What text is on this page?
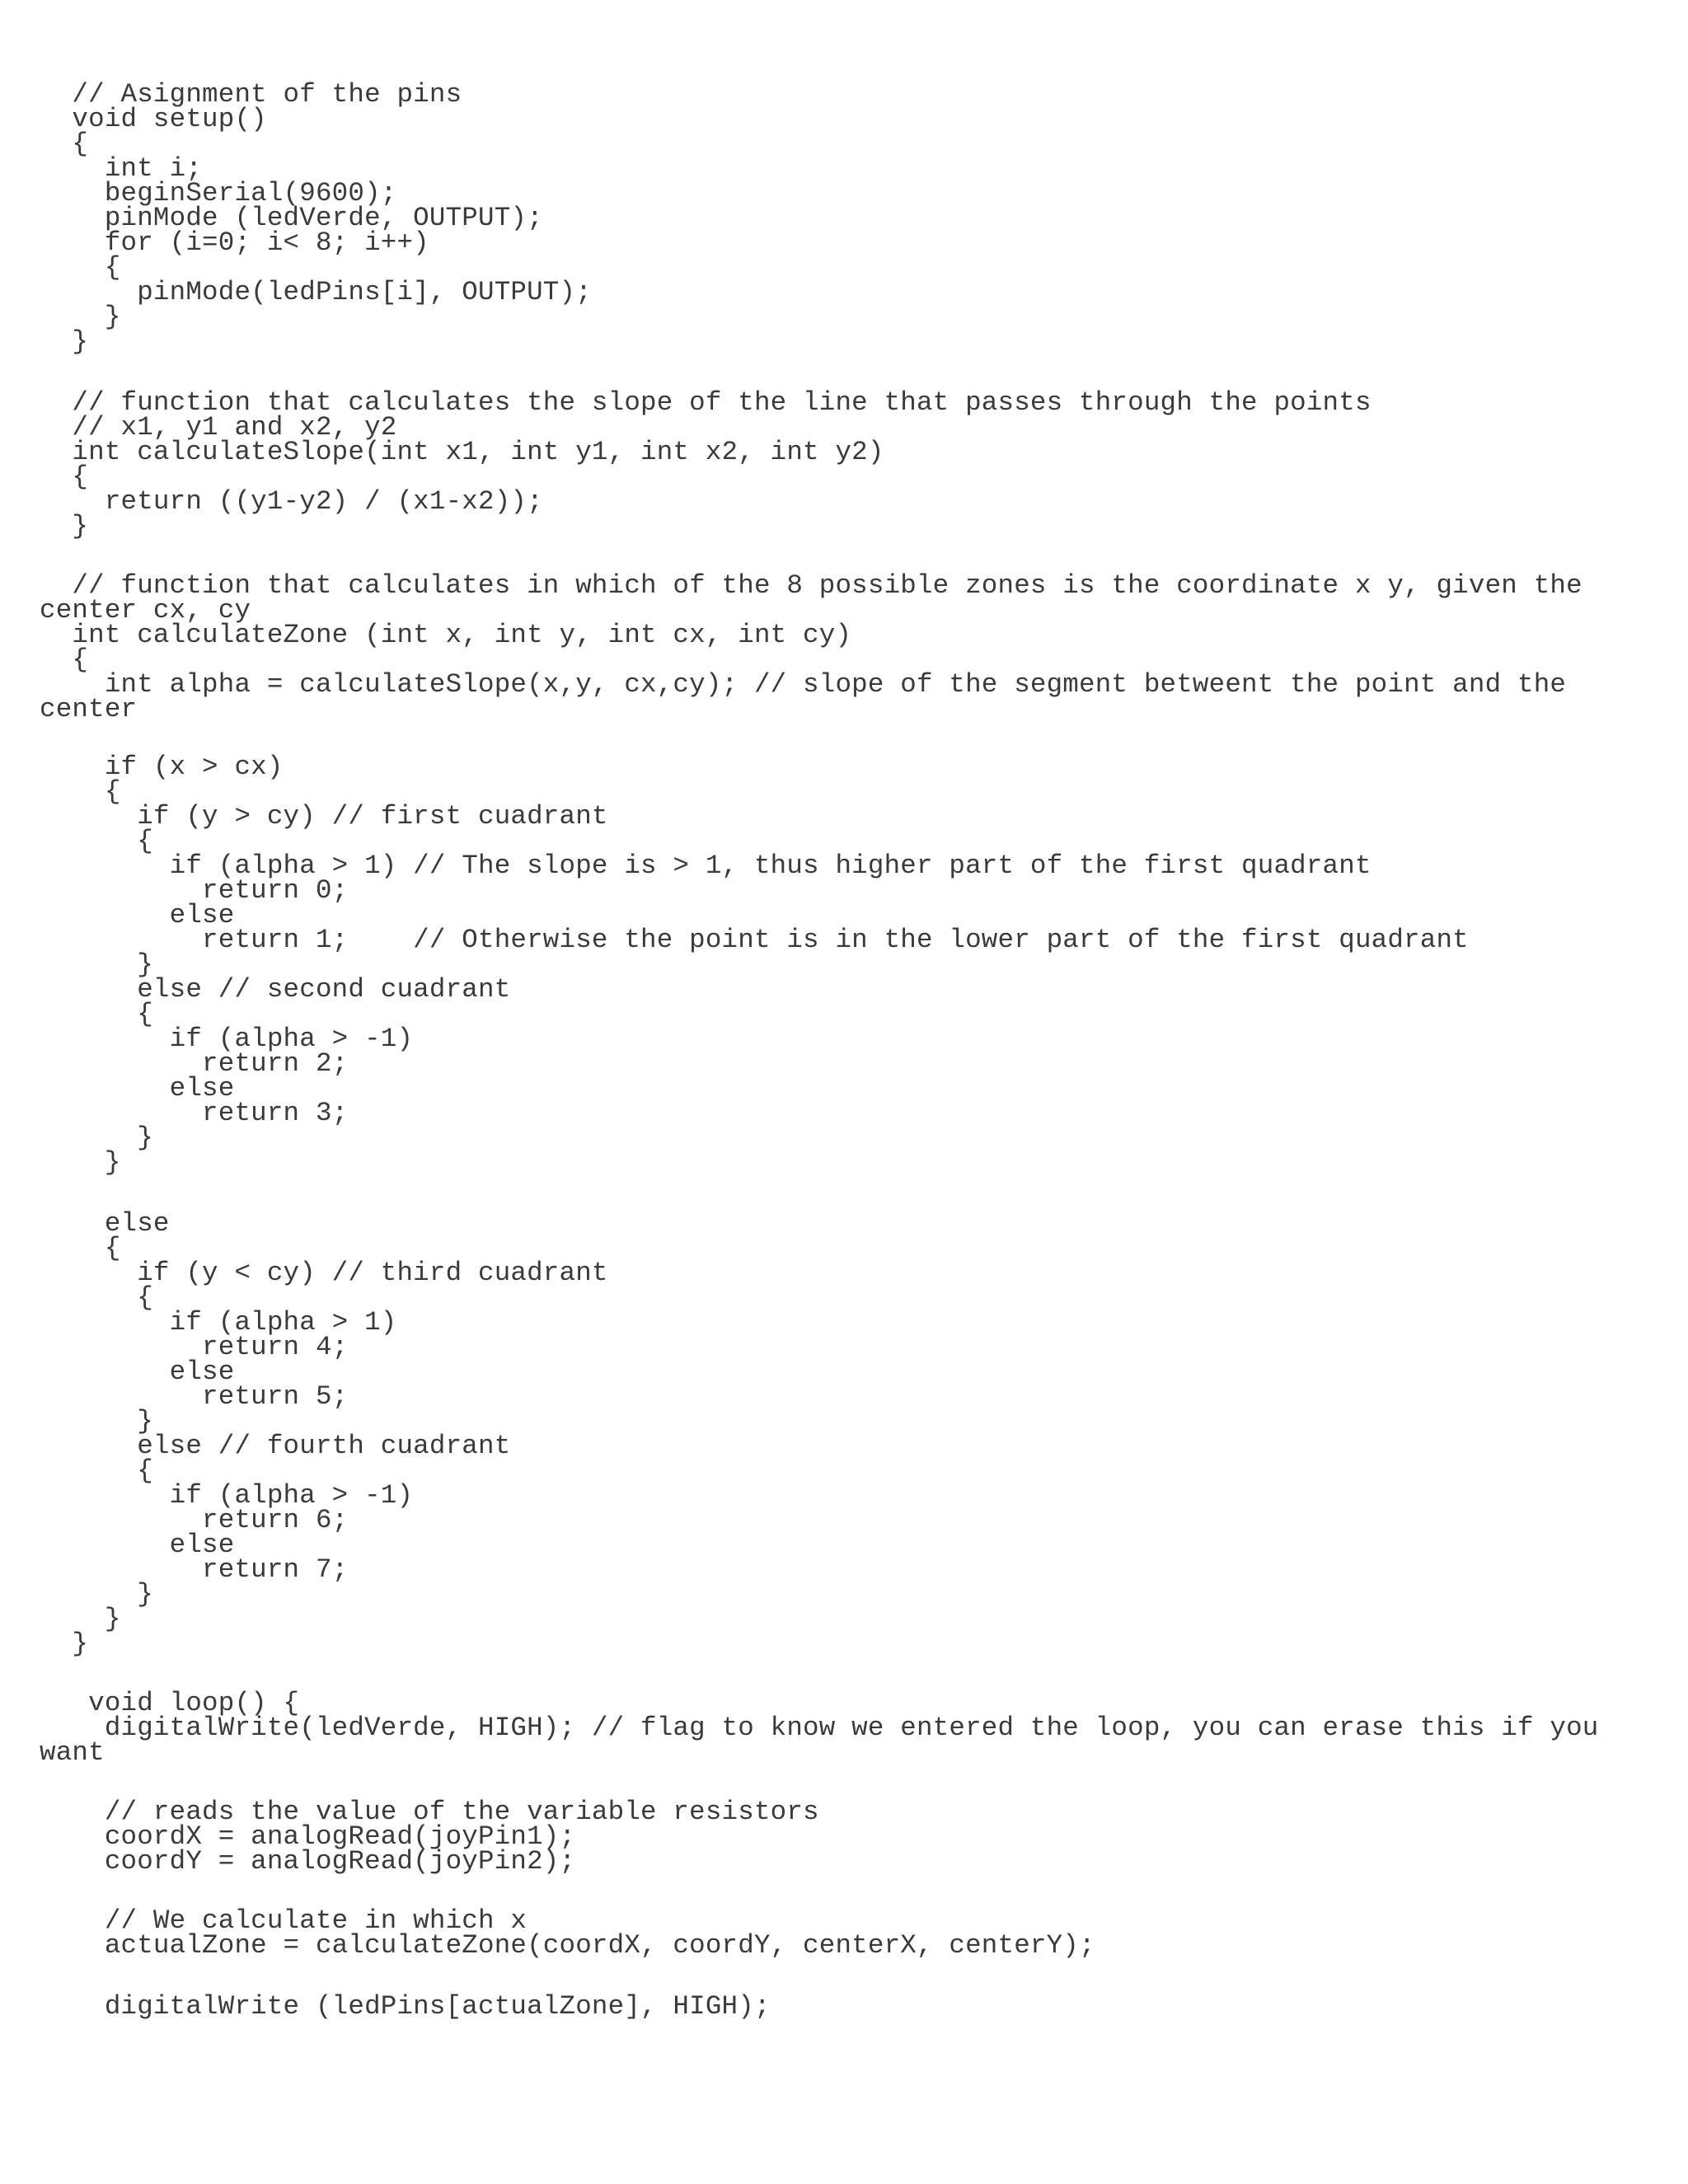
// Asignment of the pins
void setup()
{
int i;
beginSerial(9600);
pinMode (ledVerde, OUTPUT);
for (i=0; i< 8; i++)
{
pinMode(ledPins[i], OUTPUT);
}
}
// function that calculates the slope of the line that passes through the points
// x1, y1 and x2, y2
int calculateSlope(int x1, int y1, int x2, int y2)
{
return ((y1-y2) / (x1-x2));
}
// function that calculates in which of the 8 possible zones is the coordinate x y, given the
center cx, cy
int calculateZone (int x, int y, int cx, int cy)
{
int alpha = calculateSlope(x,y, cx,cy); // slope of the segment betweent the point and the
center
if (x > cx)
{
if (y > cy) // first cuadrant
{
if (alpha > 1) // The slope is > 1, thus higher part of the first quadrant
return 0;
else
return 1;    // Otherwise the point is in the lower part of the first quadrant
}
else // second cuadrant
{
if (alpha > -1)
return 2;
else
return 3;
}
}
else
{
if (y < cy) // third cuadrant
{
if (alpha > 1)
return 4;
else
return 5;
}
else // fourth cuadrant
{
if (alpha > -1)
return 6;
else
return 7;
}
}
}
void loop() {
digitalWrite(ledVerde, HIGH); // flag to know we entered the loop, you can erase this if you
want
// reads the value of the variable resistors
coordX = analogRead(joyPin1);
coordY = analogRead(joyPin2);
// We calculate in which x
actualZone = calculateZone(coordX, coordY, centerX, centerY);
digitalWrite (ledPins[actualZone], HIGH);
